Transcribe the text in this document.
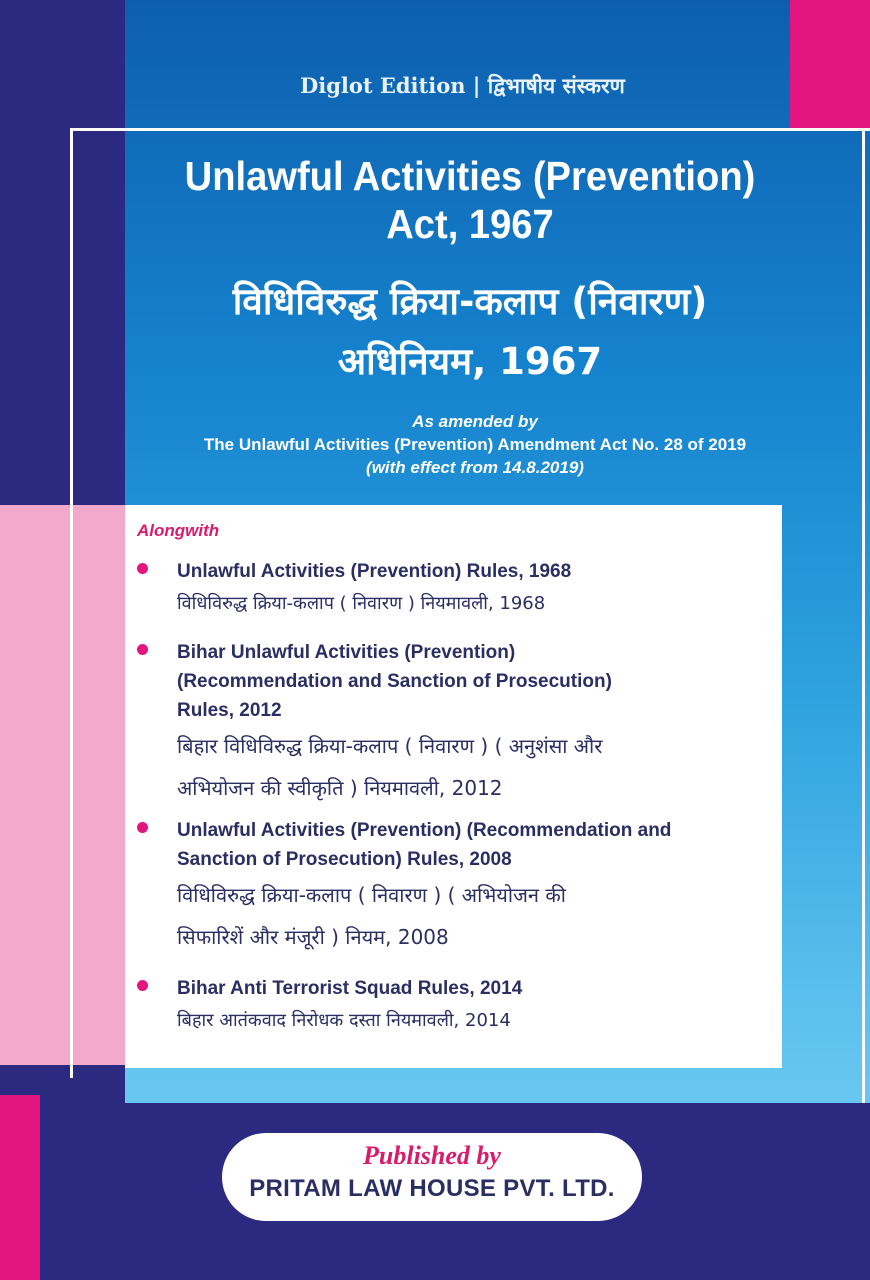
Diglot Edition | द्विभाषीय संस्करण
Unlawful Activities (Prevention)
Act, 1967
विधिविरुद्ध क्रिया-कलाप (निवारण)
अधिनियम, 1967
As amended by
The Unlawful Activities (Prevention) Amendment Act No. 28 of 2019
(with effect from 14.8.2019)
Alongwith
Unlawful Activities (Prevention) Rules, 1968
विधिविरुद्ध क्रिया-कलाप ( निवारण ) नियमावली, 1968
Bihar Unlawful Activities (Prevention)
(Recommendation and Sanction of Prosecution)
Rules, 2012
बिहार विधिविरुद्ध क्रिया-कलाप ( निवारण ) ( अनुशंसा और
अभियोजन की स्वीकृति ) नियमावली, 2012
Unlawful Activities (Prevention) (Recommendation and
Sanction of Prosecution) Rules, 2008
विधिविरुद्ध क्रिया-कलाप ( निवारण ) ( अभियोजन की
सिफारिशें और मंजूरी ) नियम, 2008
Bihar Anti Terrorist Squad Rules, 2014
बिहार आतंकवाद निरोधक दस्ता नियमावली, 2014
Published by
PRITAM LAW HOUSE PVT. LTD.
